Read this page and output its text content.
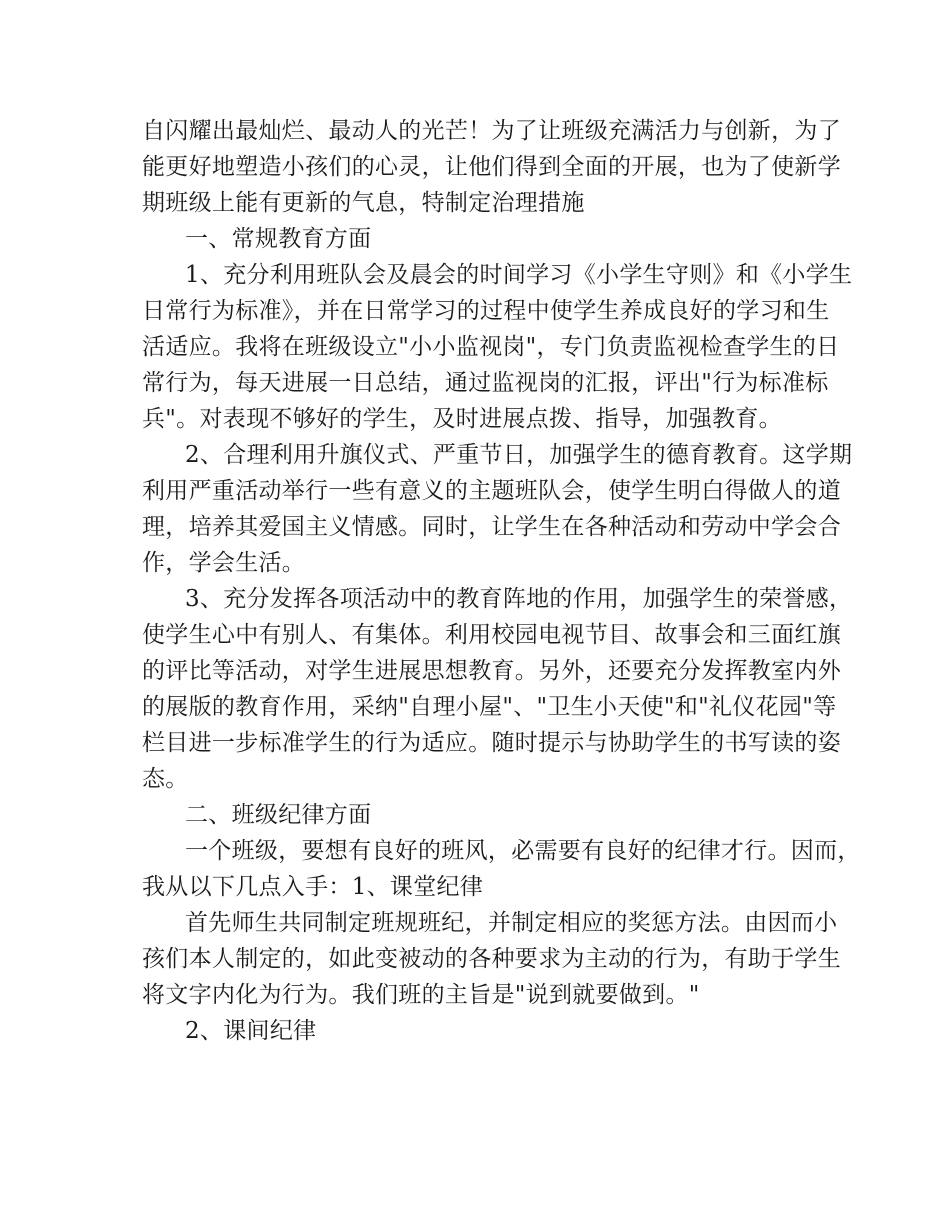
自闪耀出最灿烂、最动人的光芒！为了让班级充满活力与创新，为了
能更好地塑造小孩们的心灵，让他们得到全面的开展，也为了使新学
期班级上能有更新的气息，特制定治理措施
一、常规教育方面
1、充分利用班队会及晨会的时间学习《小学生守则》和《小学生
日常行为标准》，并在日常学习的过程中使学生养成良好的学习和生
活适应。我将在班级设立"小小监视岗"，专门负责监视检查学生的日
常行为，每天进展一日总结，通过监视岗的汇报，评出"行为标准标
兵"。对表现不够好的学生，及时进展点拨、指导，加强教育。
2、合理利用升旗仪式、严重节日，加强学生的德育教育。这学期
利用严重活动举行一些有意义的主题班队会，使学生明白得做人的道
理，培养其爱国主义情感。同时，让学生在各种活动和劳动中学会合
作，学会生活。
3、充分发挥各项活动中的教育阵地的作用，加强学生的荣誉感，
使学生心中有别人、有集体。利用校园电视节目、故事会和三面红旗
的评比等活动，对学生进展思想教育。另外，还要充分发挥教室内外
的展版的教育作用，采纳"自理小屋"、"卫生小天使"和"礼仪花园"等
栏目进一步标准学生的行为适应。随时提示与协助学生的书写读的姿
态。
二、班级纪律方面
一个班级，要想有良好的班风，必需要有良好的纪律才行。因而，
我从以下几点入手：1、课堂纪律
首先师生共同制定班规班纪，并制定相应的奖惩方法。由因而小
孩们本人制定的，如此变被动的各种要求为主动的行为，有助于学生
将文字内化为行为。我们班的主旨是"说到就要做到。"
2、课间纪律
